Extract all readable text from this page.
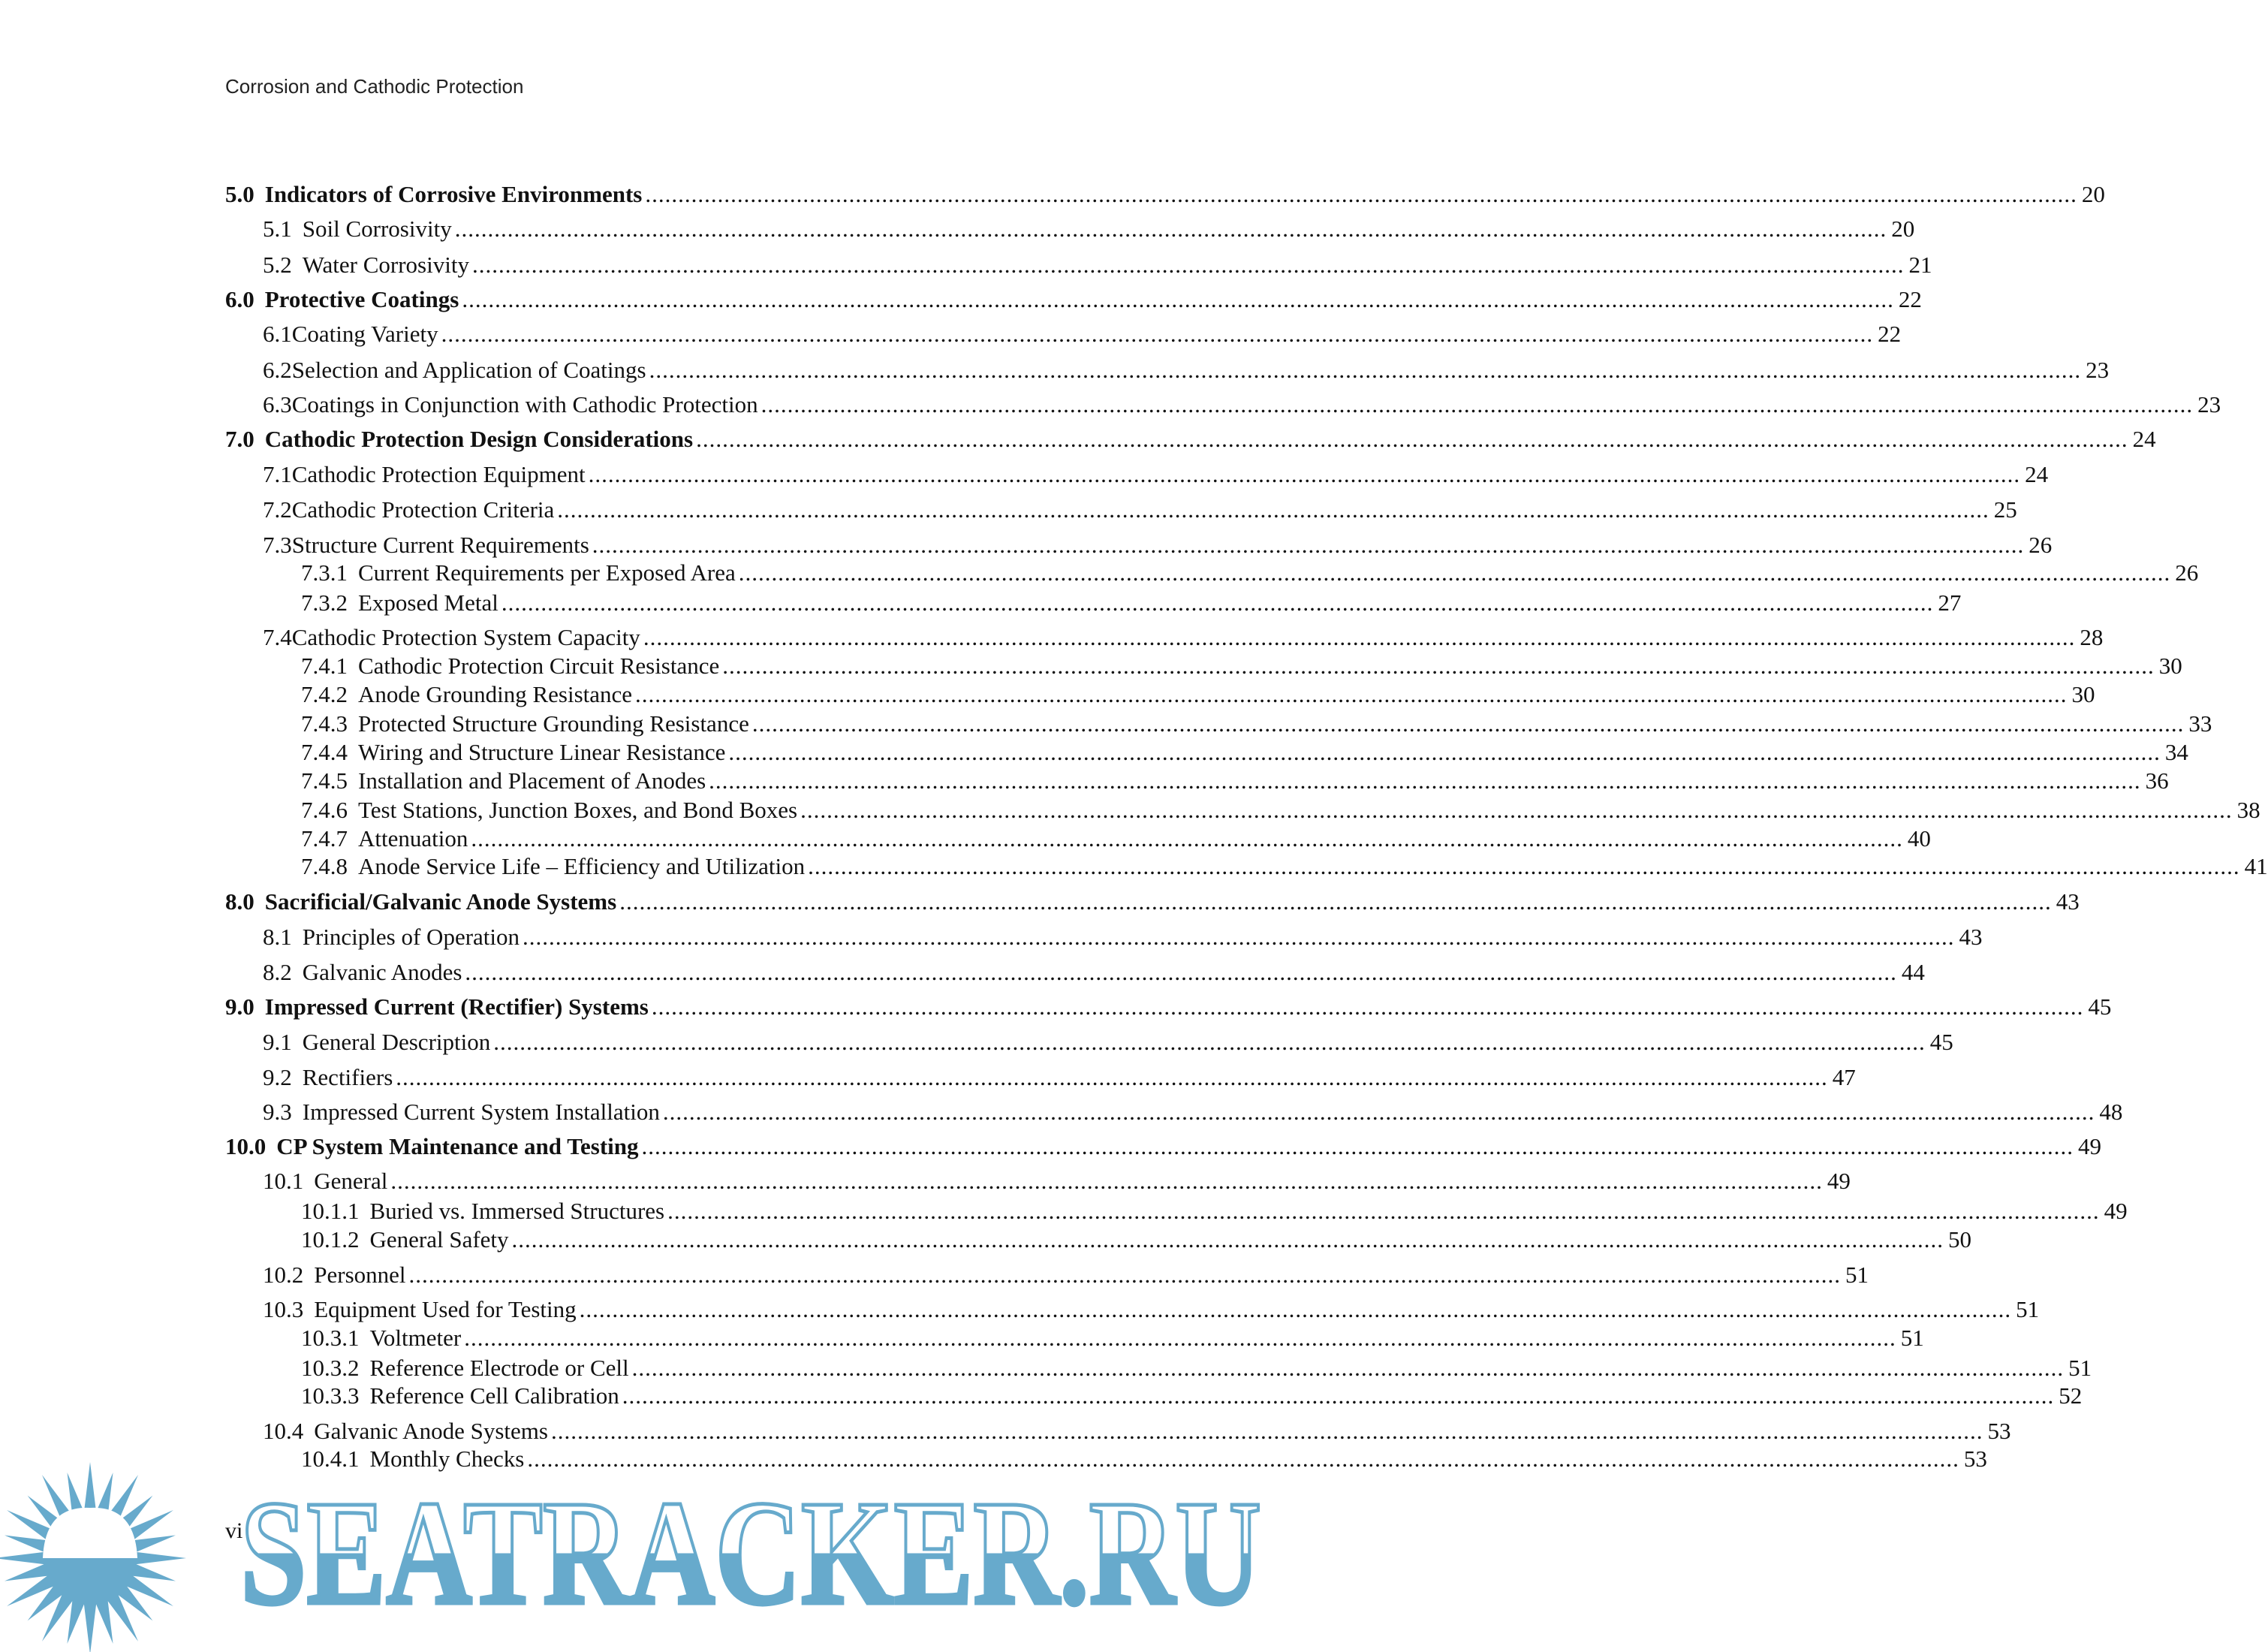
Corrosion and Cathodic Protection
5.0 Indicators of Corrosive Environments .....	20
5.1 Soil Corrosivity .....	20
5.2 Water Corrosivity .....	21
6.0 Protective Coatings .....	22
6.1 Coating Variety .....	22
6.2 Selection and Application of Coatings .....	23
6.3 Coatings in Conjunction with Cathodic Protection .....	23
7.0 Cathodic Protection Design Considerations .....	24
7.1 Cathodic Protection Equipment .....	24
7.2 Cathodic Protection Criteria .....	25
7.3 Structure Current Requirements .....	26
7.3.1 Current Requirements per Exposed Area .....	26
7.3.2 Exposed Metal .....	27
7.4 Cathodic Protection System Capacity .....	28
7.4.1 Cathodic Protection Circuit Resistance .....	30
7.4.2 Anode Grounding Resistance .....	30
7.4.3 Protected Structure Grounding Resistance .....	33
7.4.4 Wiring and Structure Linear Resistance .....	34
7.4.5 Installation and Placement of Anodes .....	36
7.4.6 Test Stations, Junction Boxes, and Bond Boxes .....	38
7.4.7 Attenuation .....	40
7.4.8 Anode Service Life – Efficiency and Utilization .....	41
8.0 Sacrificial/Galvanic Anode Systems .....	43
8.1 Principles of Operation .....	43
8.2 Galvanic Anodes .....	44
9.0 Impressed Current (Rectifier) Systems .....	45
9.1 General Description .....	45
9.2 Rectifiers .....	47
9.3 Impressed Current System Installation .....	48
10.0 CP System Maintenance and Testing .....	49
10.1 General .....	49
10.1.1 Buried vs. Immersed Structures .....	49
10.1.2 General Safety .....	50
10.2 Personnel .....	51
10.3 Equipment Used for Testing .....	51
10.3.1 Voltmeter .....	51
10.3.2 Reference Electrode or Cell .....	51
10.3.3 Reference Cell Calibration .....	52
10.4 Galvanic Anode Systems .....	53
10.4.1 Monthly Checks .....	53
vi
SEATRACKER.RU
